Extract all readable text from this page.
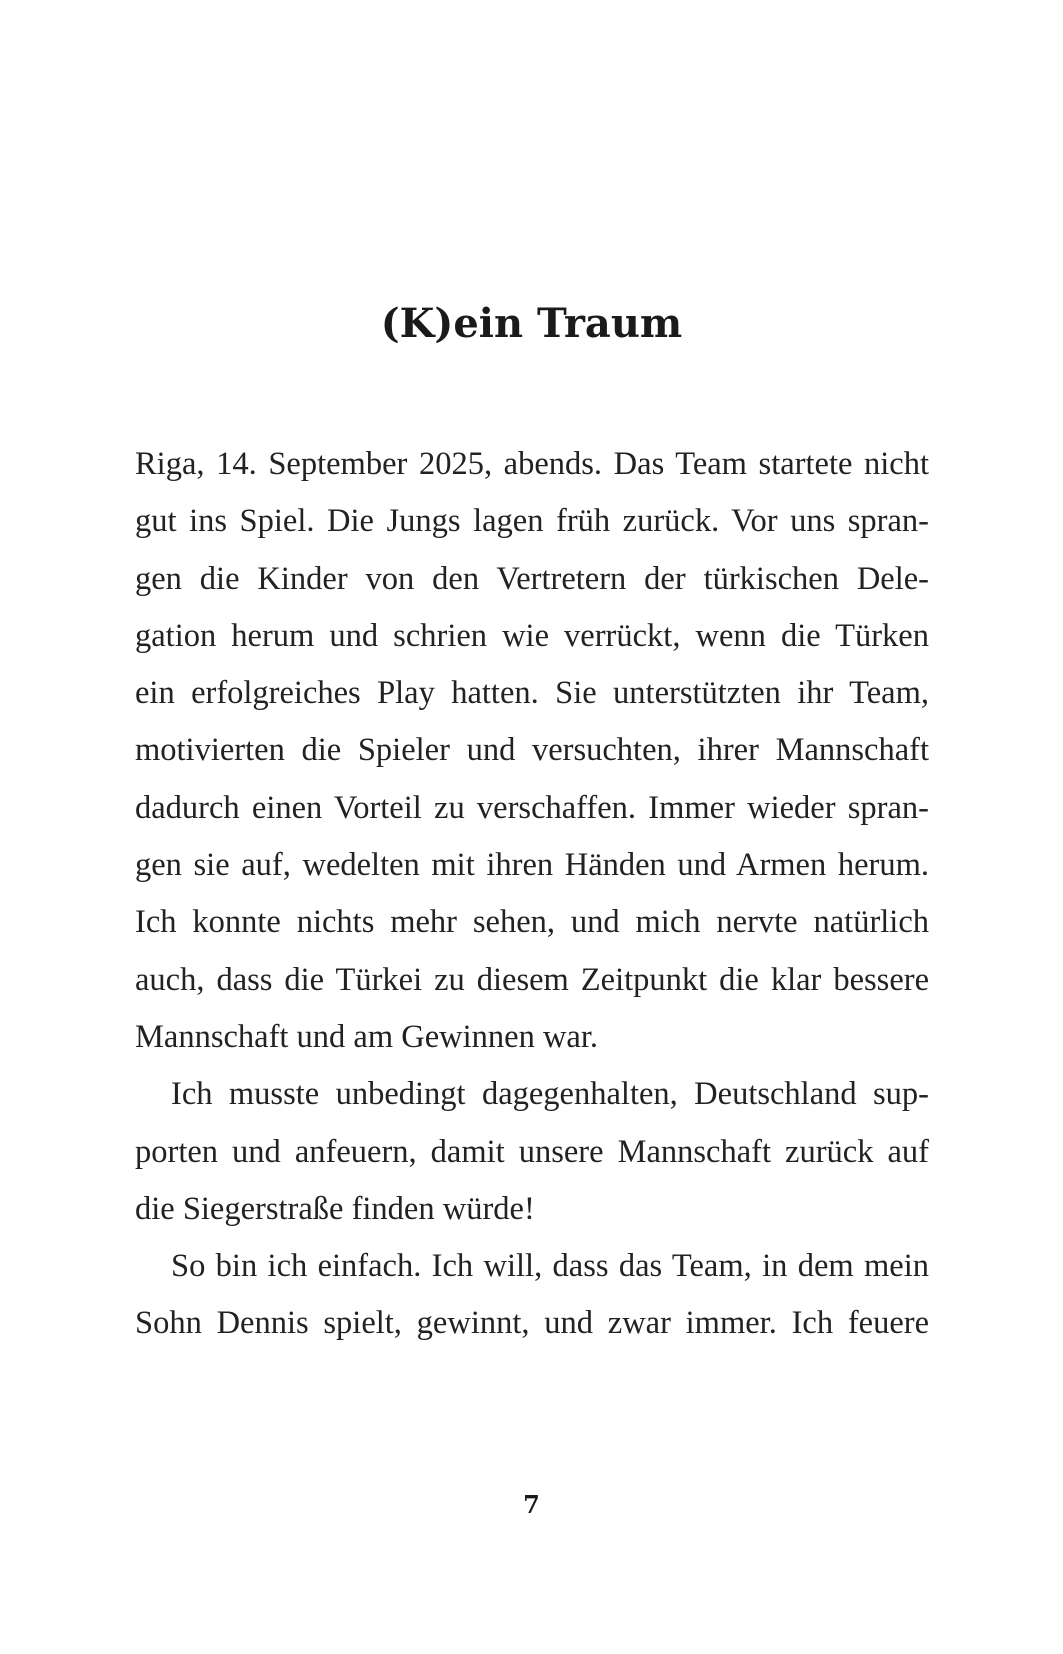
(K)ein Traum

Riga, 14. September 2025, abends. Das Team startete nicht
gut ins Spiel. Die Jungs lagen früh zurück. Vor uns spran-
gen die Kinder von den Vertretern der türkischen Dele-
gation herum und schrien wie verrückt, wenn die Türken
ein erfolgreiches Play hatten. Sie unterstützten ihr Team,
motivierten die Spieler und versuchten, ihrer Mannschaft
dadurch einen Vorteil zu verschaffen. Immer wieder spran-
gen sie auf, wedelten mit ihren Händen und Armen herum.
Ich konnte nichts mehr sehen, und mich nervte natürlich
auch, dass die Türkei zu diesem Zeitpunkt die klar bessere
Mannschaft und am Gewinnen war.

Ich musste unbedingt dagegenhalten, Deutschland sup-
porten und anfeuern, damit unsere Mannschaft zurück auf
die Siegerstraße finden würde!

So bin ich einfach. Ich will, dass das Team, in dem mein
Sohn Dennis spielt, gewinnt, und zwar immer. Ich feuere

7
